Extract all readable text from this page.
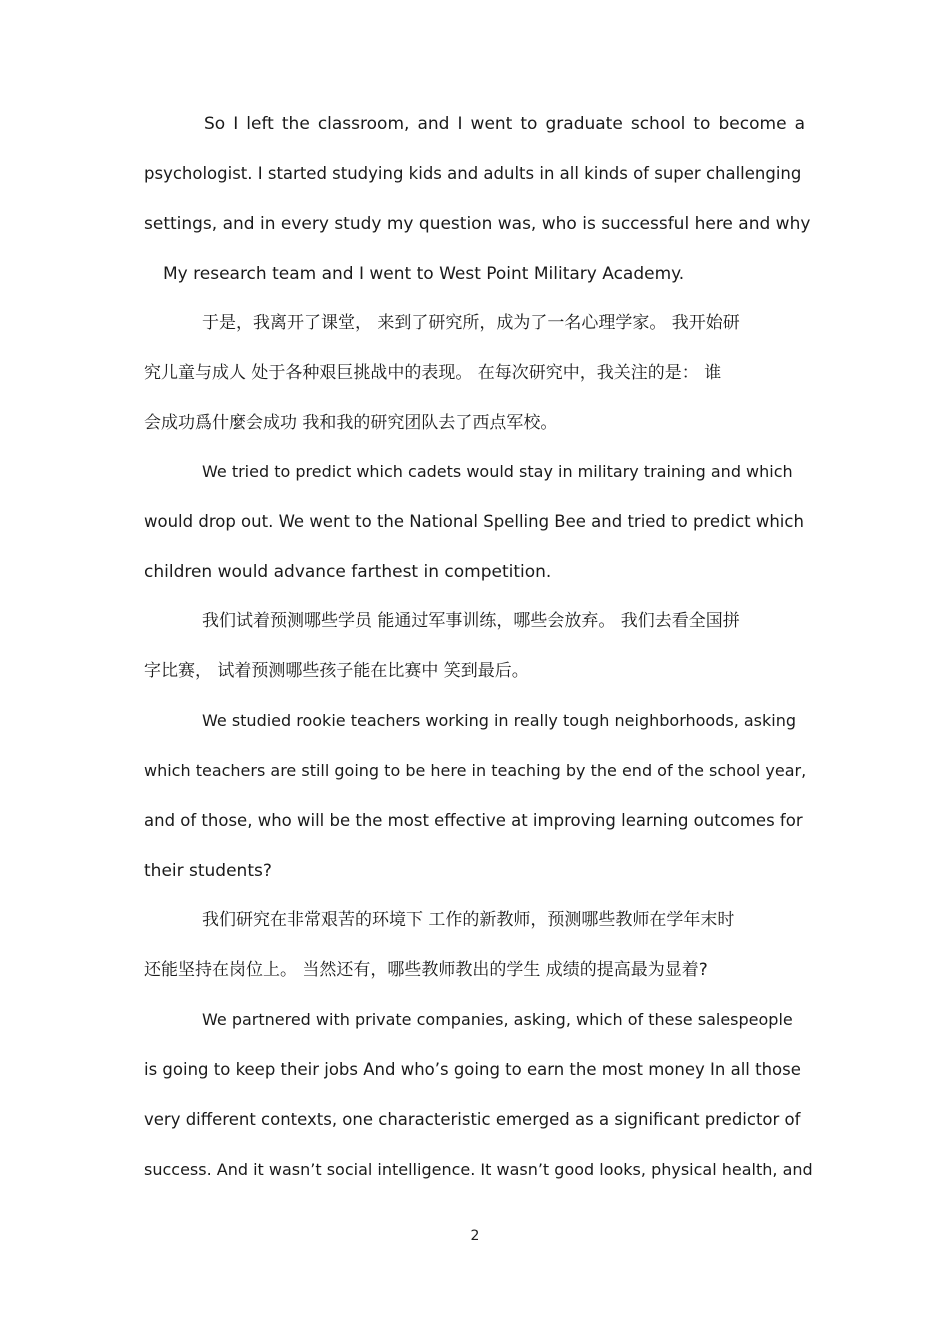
So I left the classroom, and I went to graduate school to become a
psychologist. I started studying kids and adults in all kinds of super challenging
settings, and in every study my question was, who is successful here and why
My research team and I went to West Point Military Academy.
于是，我离开了课堂， 来到了研究所，成为了一名心理学家。 我开始研
究儿童与成人 处于各种艰巨挑战中的表现。 在每次研究中，我关注的是： 谁
会成功爲什麼会成功 我和我的研究团队去了西点军校。
We tried to predict which cadets would stay in military training and which
would drop out. We went to the National Spelling Bee and tried to predict which
children would advance farthest in competition.
我们试着预测哪些学员 能通过军事训练，哪些会放弃。 我们去看全国拼
字比赛， 试着预测哪些孩子能在比赛中 笑到最后。
We studied rookie teachers working in really tough neighborhoods, asking
which teachers are still going to be here in teaching by the end of the school year,
and of those, who will be the most effective at improving learning outcomes for
their students?
我们研究在非常艰苦的环境下 工作的新教师，预测哪些教师在学年末时
还能坚持在岗位上。 当然还有，哪些教师教出的学生 成绩的提高最为显着?
We partnered with private companies, asking, which of these salespeople
is going to keep their jobs And who’s going to earn the most money In all those
very different contexts, one characteristic emerged as a significant predictor of
success. And it wasn’t social intelligence. It wasn’t good looks, physical health, and
2
